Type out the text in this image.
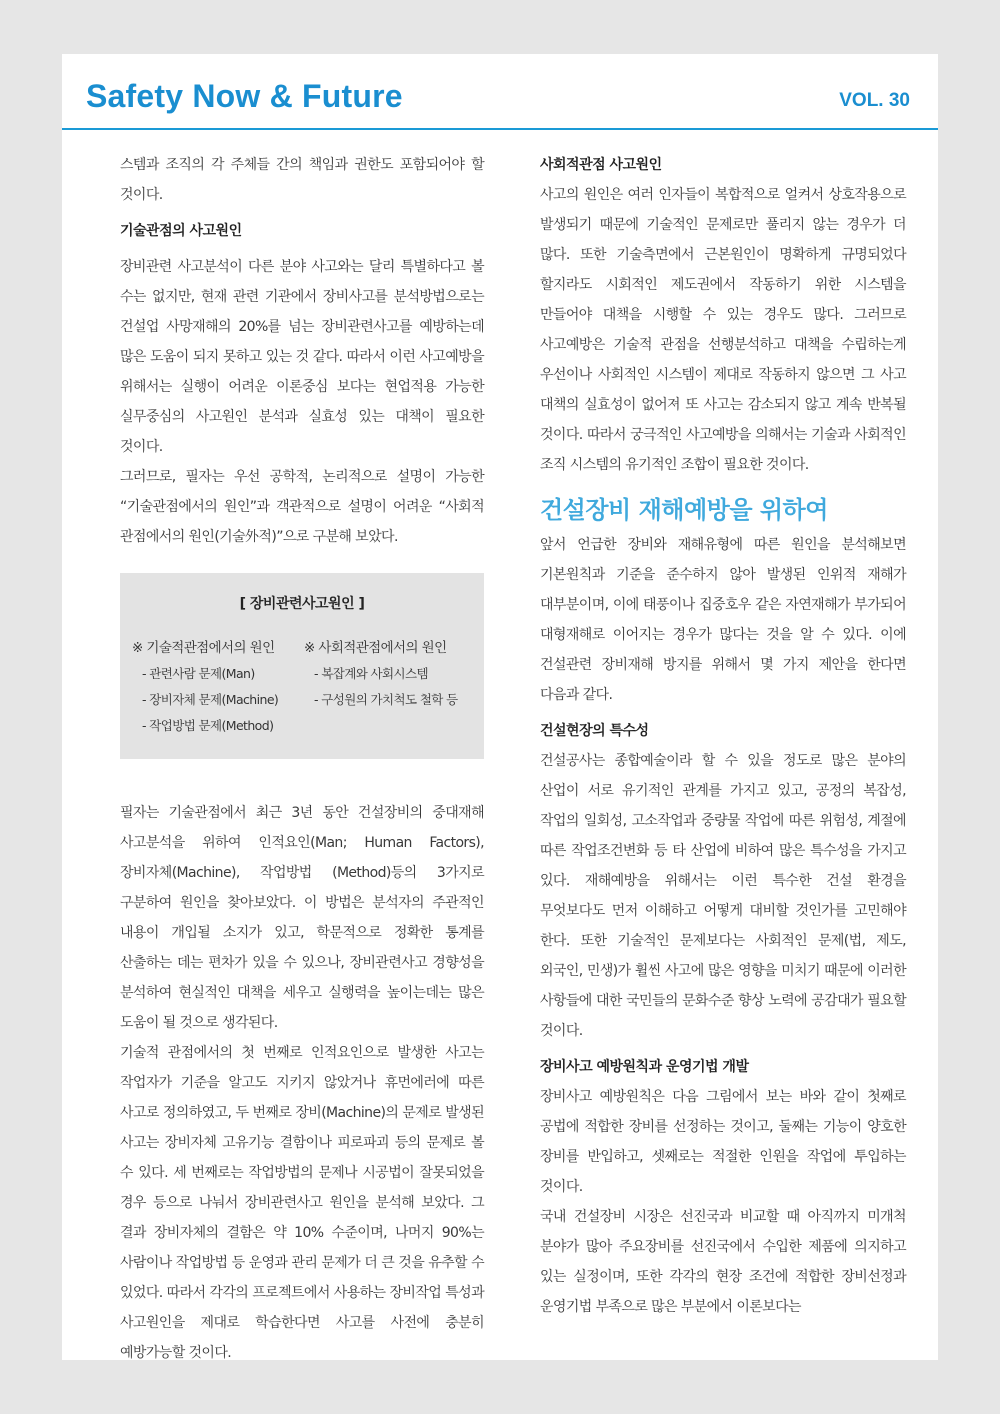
Safety Now & Future	VOL. 30

스템과 조직의 각 주체들 간의 책임과 권한도 포함되어야 할 것이다.

기술관점의 사고원인

장비관련 사고분석이 다른 분야 사고와는 달리 특별하다고 볼 수는 없지만, 현재 관련 기관에서 장비사고를 분석방법으로는 건설업 사망재해의 20%를 넘는 장비관련사고를 예방하는데 많은 도움이 되지 못하고 있는 것 같다. 따라서 이런 사고예방을 위해서는 실행이 어려운 이론중심 보다는 현업적용 가능한 실무중심의 사고원인 분석과 실효성 있는 대책이 필요한 것이다.

그러므로, 필자는 우선 공학적, 논리적으로 설명이 가능한 “기술관점에서의 원인”과 객관적으로 설명이 어려운 “사회적 관점에서의 원인(기술外적)”으로 구분해 보았다.

필자는 기술관점에서 최근 3년 동안 건설장비의 중대재해 사고분석을 위하여 인적요인(Man; Human Factors), 장비자체(Machine), 작업방법 (Method)등의 3가지로 구분하여 원인을 찾아보았다. 이 방법은 분석자의 주관적인 내용이 개입될 소지가 있고, 학문적으로 정확한 통계를 산출하는 데는 편차가 있을 수 있으나, 장비관련사고 경향성을 분석하여 현실적인 대책을 세우고 실행력을 높이는데는 많은 도움이 될 것으로 생각된다.

기술적 관점에서의 첫 번째로 인적요인으로 발생한 사고는 작업자가 기준을 알고도 지키지 않았거나 휴먼에러에 따른 사고로 정의하였고, 두 번째로 장비(Machine)의 문제로 발생된 사고는 장비자체 고유기능 결함이나 피로파괴 등의 문제로 볼 수 있다. 세 번째로는 작업방법의 문제나 시공법이 잘못되었을 경우 등으로 나눠서 장비관련사고 원인을 분석해 보았다. 그 결과 장비자체의 결함은 약 10% 수준이며, 나머지 90%는 사람이나 작업방법 등 운영과 관리 문제가 더 큰 것을 유추할 수 있었다. 따라서 각각의 프로젝트에서 사용하는 장비작업 특성과 사고원인을 제대로 학습한다면 사고를 사전에 충분히 예방가능할 것이다.

[ 장비관련사고원인 ]
※ 기술적관점에서의 원인
- 관련사람 문제(Man)
- 장비자체 문제(Machine)
- 작업방법 문제(Method)
※ 사회적관점에서의 원인
- 복잡계와 사회시스템
- 구성원의 가치척도 철학 등
사회적관점 사고원인

사고의 원인은 여러 인자들이 복합적으로 얼켜서 상호작용으로 발생되기 때문에 기술적인 문제로만 풀리지 않는 경우가 더 많다. 또한 기술측면에서 근본원인이 명확하게 규명되었다 할지라도 시회적인 제도권에서 작동하기 위한 시스템을 만들어야 대책을 시행할 수 있는 경우도 많다. 그러므로 사고예방은 기술적 관점을 선행분석하고 대책을 수립하는게 우선이나 사회적인 시스템이 제대로 작동하지 않으면 그 사고 대책의 실효성이 없어져 또 사고는 감소되지 않고 계속 반복될 것이다. 따라서 궁극적인 사고예방을 의해서는 기술과 사회적인 조직 시스템의 유기적인 조합이 필요한 것이다.

건설장비 재해예방을 위하여

앞서 언급한 장비와 재해유형에 따른 원인을 분석해보면 기본원칙과 기준을 준수하지 않아 발생된 인위적 재해가 대부분이며, 이에 태풍이나 집중호우 같은 자연재해가 부가되어 대형재해로 이어지는 경우가 많다는 것을 알 수 있다. 이에 건설관련 장비재해 방지를 위해서 몇 가지 제안을 한다면 다음과 같다.

건설현장의 특수성

건설공사는 종합예술이라 할 수 있을 정도로 많은 분야의 산업이 서로 유기적인 관계를 가지고 있고, 공정의 복잡성, 작업의 일회성, 고소작업과 중량물 작업에 따른 위험성, 계절에 따른 작업조건변화 등 타 산업에 비하여 많은 특수성을 가지고 있다. 재해예방을 위해서는 이런 특수한 건설 환경을 무엇보다도 먼저 이해하고 어떻게 대비할 것인가를 고민해야 한다. 또한 기술적인 문제보다는 사회적인 문제(법, 제도, 외국인, 민생)가 휠씬 사고에 많은 영향을 미치기 때문에 이러한 사항들에 대한 국민들의 문화수준 향상 노력에 공감대가 필요할 것이다.

장비사고 예방원칙과 운영기법 개발

장비사고 예방원칙은 다음 그림에서 보는 바와 같이 첫째로 공법에 적합한 장비를 선정하는 것이고, 둘째는 기능이 양호한 장비를 반입하고, 셋째로는 적절한 인원을 작업에 투입하는 것이다.

국내 건설장비 시장은 선진국과 비교할 때 아직까지 미개척 분야가 많아 주요장비를 선진국에서 수입한 제품에 의지하고 있는 실정이며, 또한 각각의 현장 조건에 적합한 장비선정과 운영기법 부족으로 많은 부분에서 이론보다는
